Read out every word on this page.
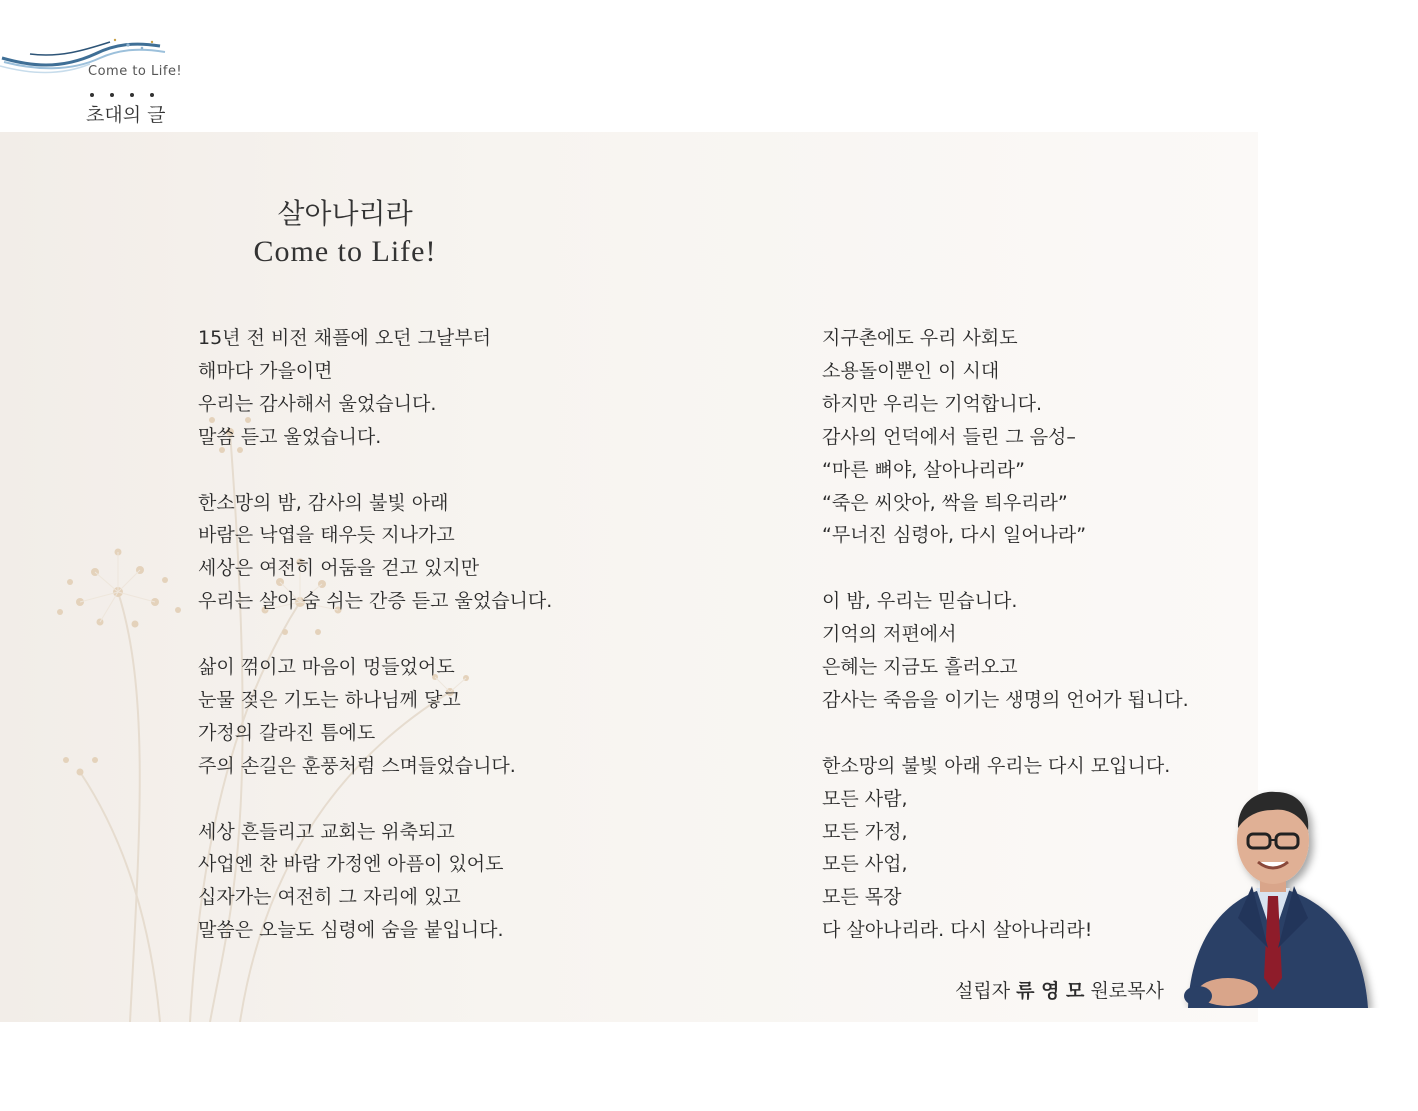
Come to Life!
초대의 글
살아나리라
Come to Life!
15년 전 비전 채플에 오던 그날부터
해마다 가을이면
우리는 감사해서 울었습니다.
말씀 듣고 울었습니다.
한소망의 밤, 감사의 불빛 아래
바람은 낙엽을 태우듯 지나가고
세상은 여전히 어둠을 걷고 있지만
우리는 살아 숨 쉬는 간증 듣고 울었습니다.
삶이 꺾이고 마음이 멍들었어도
눈물 젖은 기도는 하나님께 닿고
가정의 갈라진 틈에도
주의 손길은 훈풍처럼 스며들었습니다.
세상 흔들리고 교회는 위축되고
사업엔 찬 바람 가정엔 아픔이 있어도
십자가는 여전히 그 자리에 있고
말씀은 오늘도 심령에 숨을 붙입니다.
지구촌에도 우리 사회도
소용돌이뿐인 이 시대
하지만 우리는 기억합니다.
감사의 언덕에서 들린 그 음성–
“마른 뼈야, 살아나리라”
“죽은 씨앗아, 싹을 틔우리라”
“무너진 심령아, 다시 일어나라”
이 밤, 우리는 믿습니다.
기억의 저편에서
은혜는 지금도 흘러오고
감사는 죽음을 이기는 생명의 언어가 됩니다.
한소망의 불빛 아래 우리는 다시 모입니다.
모든 사람,
모든 가정,
모든 사업,
모든 목장
다 살아나리라. 다시 살아나리라!
설립자 류 영 모 원로목사
